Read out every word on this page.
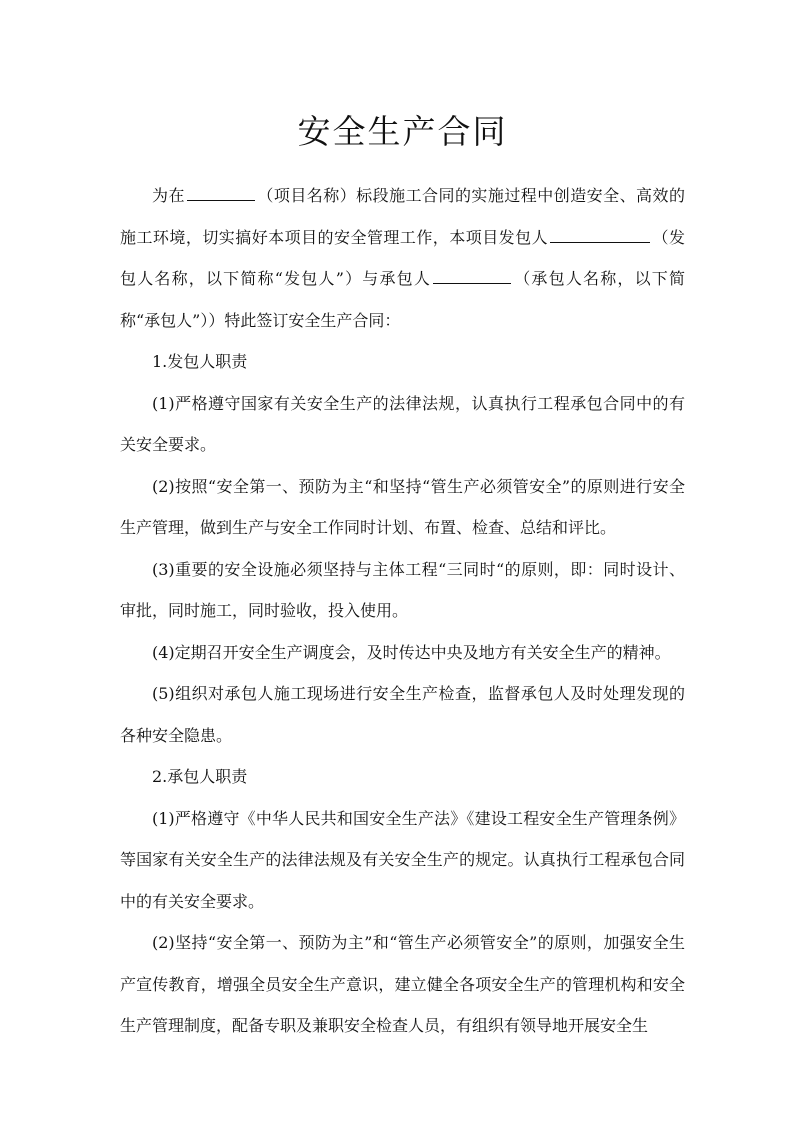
安全生产合同

为在	（项目名称）标段施工合同的实施过程中创造安全、高效的施工环境，切实搞好本项目的安全管理工作，本项目发包人	（发包人名称，以下简称“发包人”）与承包人	（承包人名称，以下简称“承包人”））特此签订安全生产合同：

1.发包人职责

(1)严格遵守国家有关安全生产的法律法规，认真执行工程承包合同中的有关安全要求。

(2)按照“安全第一、预防为主“和坚持“管生产必须管安全”的原则进行安全生产管理，做到生产与安全工作同时计划、布置、检查、总结和评比。

(3)重要的安全设施必须坚持与主体工程“三同时“的原则，即：同时设计、审批，同时施工，同时验收，投入使用。

(4)定期召开安全生产调度会，及时传达中央及地方有关安全生产的精神。

(5)组织对承包人施工现场进行安全生产检查，监督承包人及时处理发现的各种安全隐患。

2.承包人职责

(1)严格遵守《中华人民共和国安全生产法》《建设工程安全生产管理条例》等国家有关安全生产的法律法规及有关安全生产的规定。认真执行工程承包合同中的有关安全要求。

(2)坚持“安全第一、预防为主”和“管生产必须管安全”的原则，加强安全生产宣传教育，增强全员安全生产意识，建立健全各项安全生产的管理机构和安全生产管理制度，配备专职及兼职安全检查人员，有组织有领导地开展安全生
